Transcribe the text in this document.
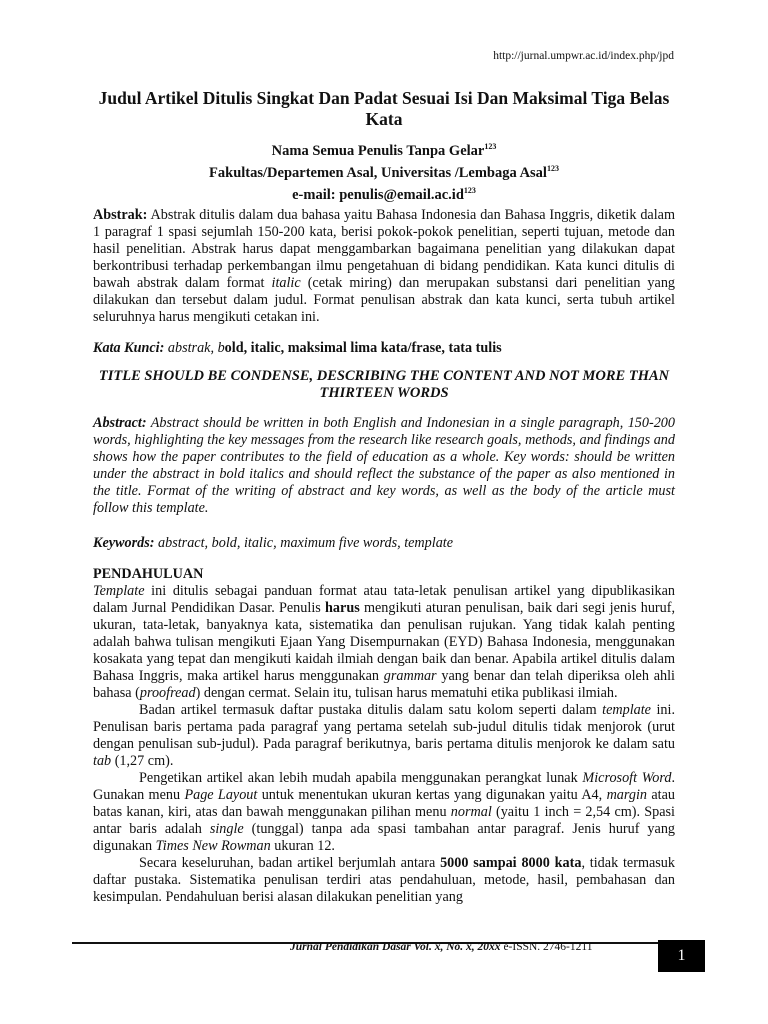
http://jurnal.umpwr.ac.id/index.php/jpd
Judul Artikel Ditulis Singkat Dan Padat Sesuai Isi Dan Maksimal Tiga Belas Kata
Nama Semua Penulis Tanpa Gelar$^{123}$
Fakultas/Departemen Asal, Universitas /Lembaga Asal$^{123}$
e-mail: $penulis@email.ac.id^{123}$
Abstrak: Abstrak ditulis dalam dua bahasa yaitu Bahasa Indonesia dan Bahasa Inggris, diketik dalam 1 paragraf 1 spasi sejumlah 150-200 kata, berisi pokok-pokok penelitian, seperti tujuan, metode dan hasil penelitian. Abstrak harus dapat menggambarkan bagaimana penelitian yang dilakukan dapat berkontribusi terhadap perkembangan ilmu pengetahuan di bidang pendidikan. Kata kunci ditulis di bawah abstrak dalam format italic (cetak miring) dan merupakan substansi dari penelitian yang dilakukan dan tersebut dalam judul. Format penulisan abstrak dan kata kunci, serta tubuh artikel seluruhnya harus mengikuti cetakan ini.
Kata Kunci: abstrak, bold, italic, maksimal lima kata/frase, tata tulis
TITLE SHOULD BE CONDENSE, DESCRIBING THE CONTENT AND NOT MORE THAN THIRTEEN WORDS
Abstract: Abstract should be written in both English and Indonesian in a single paragraph, 150-200 words, highlighting the key messages from the research like research goals, methods, and findings and shows how the paper contributes to the field of education as a whole. Key words: should be written under the abstract in bold italics and should reflect the substance of the paper as also mentioned in the title. Format of the writing of abstract and key words, as well as the body of the article must follow this template.
Keywords: abstract, bold, italic, maximum five words, template
PENDAHULUAN

Template ini ditulis sebagai panduan format atau tata-letak penulisan artikel yang dipublikasikan dalam Jurnal Pendidikan Dasar. Penulis harus mengikuti aturan penulisan, baik dari segi jenis huruf, ukuran, tata-letak, banyaknya kata, sistematika dan penulisan rujukan. Yang tidak kalah penting adalah bahwa tulisan mengikuti Ejaan Yang Disempurnakan (EYD) Bahasa Indonesia, menggunakan kosakata yang tepat dan mengikuti kaidah ilmiah dengan baik dan benar. Apabila artikel ditulis dalam Bahasa Inggris, maka artikel harus menggunakan grammar yang benar dan telah diperiksa oleh ahli bahasa (proofread) dengan cermat. Selain itu, tulisan harus mematuhi etika publikasi ilmiah.

Badan artikel termasuk daftar pustaka ditulis dalam satu kolom seperti dalam template ini. Penulisan baris pertama pada paragraf yang pertama setelah sub-judul ditulis tidak menjorok (urut dengan penulisan sub-judul). Pada paragraf berikutnya, baris pertama ditulis menjorok ke dalam satu tab (1,27 cm).

Pengetikan artikel akan lebih mudah apabila menggunakan perangkat lunak Microsoft Word. Gunakan menu Page Layout untuk menentukan ukuran kertas yang digunakan yaitu A4, margin atau batas kanan, kiri, atas dan bawah menggunakan pilihan menu normal (yaitu 1 inch = 2,54 cm). Spasi antar baris adalah single (tunggal) tanpa ada spasi tambahan antar paragraf. Jenis huruf yang digunakan Times New Rowman ukuran 12.

Secara keseluruhan, badan artikel berjumlah antara 5000 sampai 8000 kata, tidak termasuk daftar pustaka. Sistematika penulisan terdiri atas pendahuluan, metode, hasil, pembahasan dan kesimpulan. Pendahuluan berisi alasan dilakukan penelitian yang

Jurnal Pendidikan Dasar Vol. x, No. x, 20xx e-ISSN. 2746-1211	1
